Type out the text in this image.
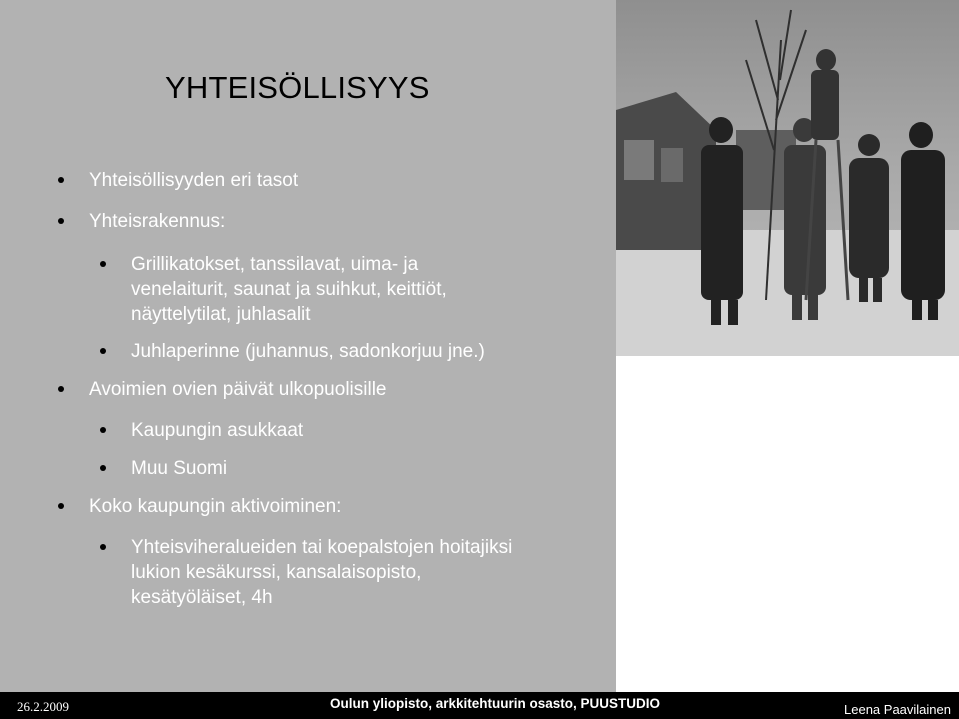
YHTEISÖLLISYYS
Yhteisöllisyyden eri tasot
Yhteisrakennus:
Grillikatokset, tanssilavat, uima- ja
venelaiturit, saunat ja suihkut, keittiöt,
näyttelytilat, juhlasalit
Juhlaperinne (juhannus, sadonkorjuu jne.)
Avoimien ovien päivät ulkopuolisille
Kaupungin asukkaat
Muu Suomi
Koko kaupungin aktivoiminen:
Yhteisviheralueiden tai koepalstojen hoitajiksi
lukion kesäkurssi, kansalaisopisto,
kesätyöläiset, 4h
26.2.2009	Oulun yliopisto, arkkitehtuurin osasto, PUUSTUDIO	Leena Paavilainen
